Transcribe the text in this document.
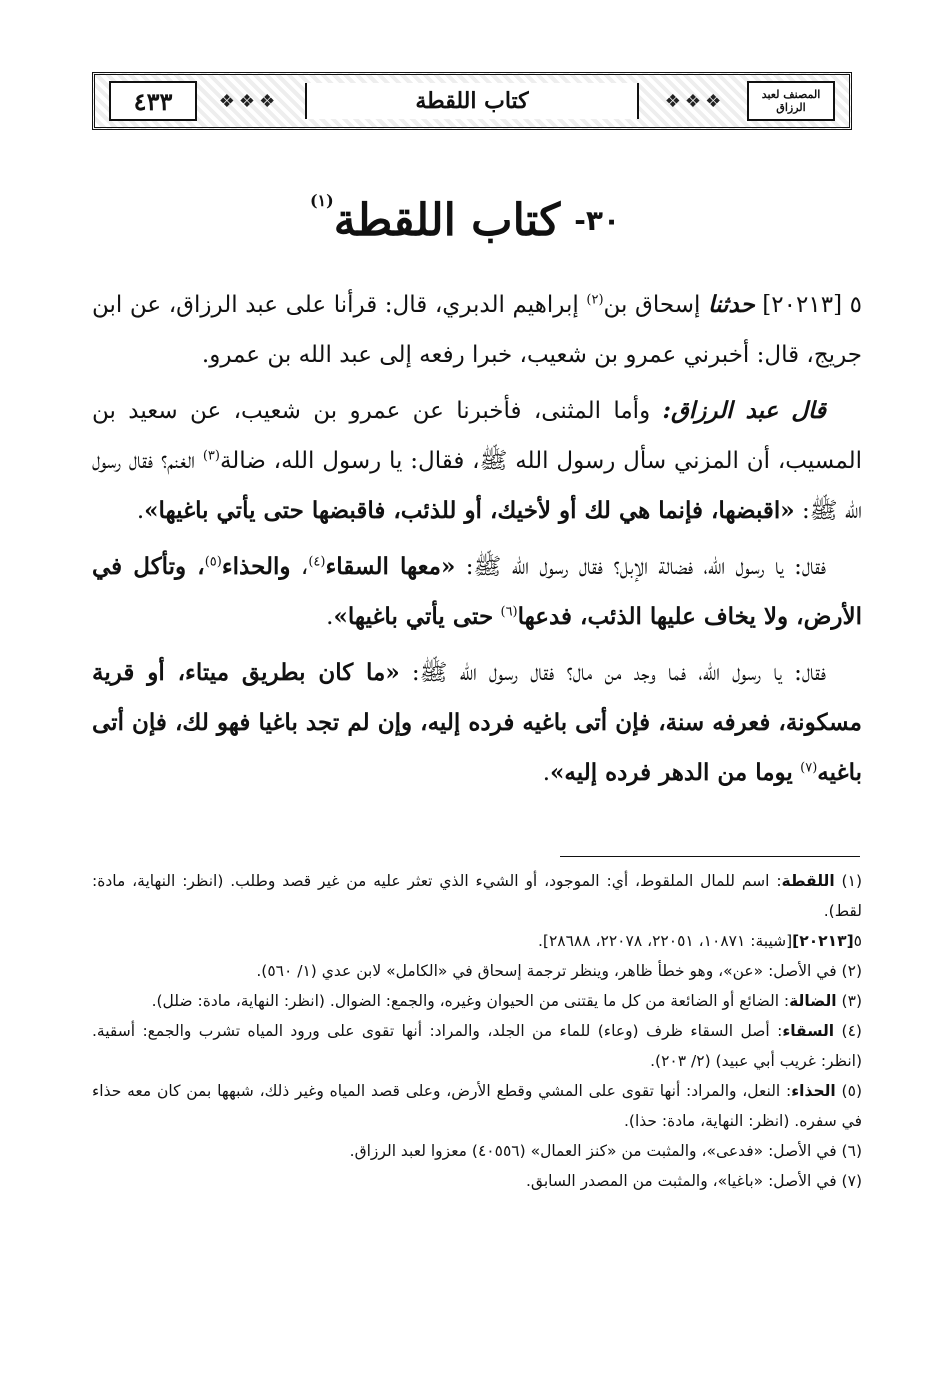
المصنف لعبد الرزاق
❖❖❖
كتاب اللقطة
❖❖❖
٤٣٣
٣٠-
كتاب اللقطة$^{(١)}$

٥ [٢٠٢١٣] حدثنا إسحاق بن$^{(٢)}$ إبراهيم الدبري، قال: قرأنا على عبد الرزاق، عن ابن جريج، قال: أخبرني عمرو بن شعيب، خبرا رفعه إلى عبد الله بن عمرو.

قال عبد الرزاق: وأما المثنى، فأخبرنا عن عمرو بن شعيب، عن سعيد بن المسيب، أن المزني سأل رسول الله ﷺ، فقال: يا رسول الله، ضالة$^{(٣)}$ الغنم؟ فقال رسول الله ﷺ: «اقبضها، فإنما هي لك أو لأخيك، أو للذئب، فاقبضها حتى يأتي باغيها».

فقال: يا رسول الله، فضالة الإبل؟ فقال رسول الله ﷺ: «معها السقاء$^{(٤)}$، والحذاء$^{(٥)}$، وتأكل في الأرض، ولا يخاف عليها الذئب، فدعها$^{(٦)}$ حتى يأتي باغيها».

فقال: يا رسول الله، فما وجد من مال؟ فقال رسول الله ﷺ: «ما كان بطريق ميتاء، أو قرية مسكونة، فعرفه سنة، فإن أتى باغيه فرده إليه، وإن لم تجد باغيا فهو لك، فإن أتى باغيه$^{(٧)}$ يوما من الدهر فرده إليه».

(١) اللقطة: اسم للمال الملقوط، أي: الموجود، أو الشيء الذي تعثر عليه من غير قصد وطلب. (انظر: النهاية، مادة: لقط).

٥[٢٠٢١٣][شيبة: ١٠٨٧١، ٢٢٠٥١، ٢٢٠٧٨، ٢٨٦٨٨].

(٢) في الأصل: «عن»، وهو خطأ ظاهر، وينظر ترجمة إسحاق في «الكامل» لابن عدي (١/ ٥٦٠).

(٣) الضالة: الضائع أو الضائعة من كل ما يقتنى من الحيوان وغيره، والجمع: الضوال. (انظر: النهاية، مادة: ضلل).

(٤) السقاء: أصل السقاء ظرف (وعاء) للماء من الجلد، والمراد: أنها تقوى على ورود المياه تشرب والجمع: أسقية. (انظر: غريب أبي عبيد) (٢/ ٢٠٣).

(٥) الحذاء: النعل، والمراد: أنها تقوى على المشي وقطع الأرض، وعلى قصد المياه وغير ذلك، شبهها بمن كان معه حذاء في سفره. (انظر: النهاية، مادة: حذا).

(٦) في الأصل: «فدعى»، والمثبت من «كنز العمال» (٤٠٥٥٦) معزوا لعبد الرزاق.

(٧) في الأصل: «باغيا»، والمثبت من المصدر السابق.
